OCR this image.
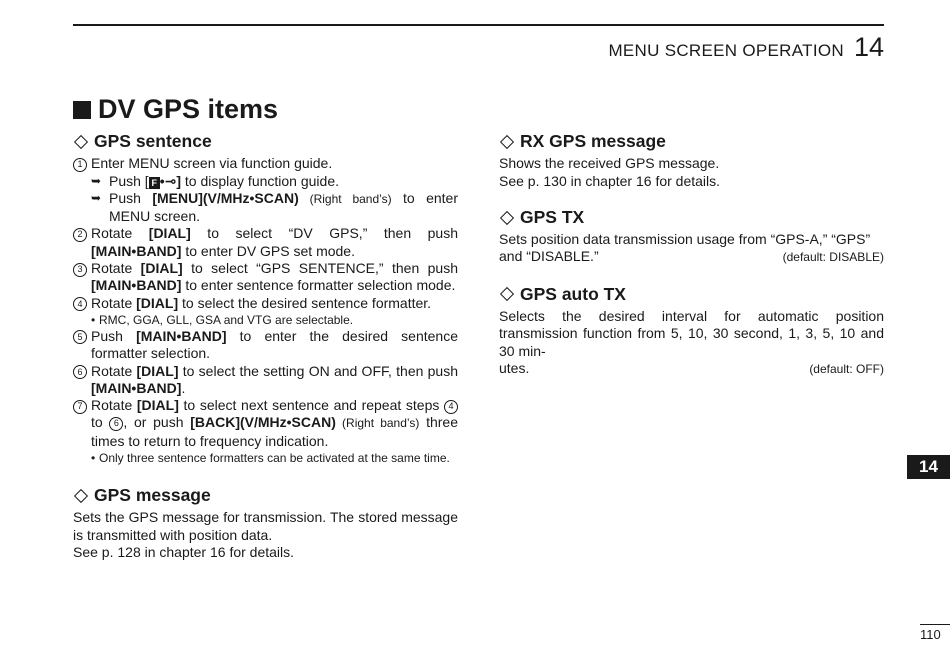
MENU SCREEN OPERATION 14
DV GPS items
GPS sentence
1 Enter MENU screen via function guide.
➥ Push [ F •⊸] to display function guide.
➥ Push [MENU](V/MHz•SCAN) (Right band’s) to enter MENU screen.
2 Rotate [DIAL] to select “DV GPS,” then push [MAIN•BAND] to enter DV GPS set mode.
3 Rotate [DIAL] to select “GPS SENTENCE,” then push [MAIN•BAND] to enter sentence formatter selection mode.
4 Rotate [DIAL] to select the desired sentence formatter.
• RMC, GGA, GLL, GSA and VTG are selectable.
5 Push [MAIN•BAND] to enter the desired sentence formatter selection.
6 Rotate [DIAL] to select the setting ON and OFF, then push [MAIN•BAND].
7 Rotate [DIAL] to select next sentence and repeat steps 4 to 6 , or push [BACK](V/MHz•SCAN) (Right band’s) three times to return to frequency indication.
• Only three sentence formatters can be activated at the same time.
GPS message
Sets the GPS message for transmission. The stored message is transmitted with position data.
See p. 128 in chapter 16 for details.
RX GPS message
Shows the received GPS message.
See p. 130 in chapter 16 for details.
GPS TX
Sets position data transmission usage from “GPS-A,” “GPS”
and “DISABLE.”	(default: DISABLE)
GPS auto TX
Selects the desired interval for automatic position transmission function from 5, 10, 30 second, 1, 3, 5, 10 and 30 min-
utes.	(default: OFF)
14
110
